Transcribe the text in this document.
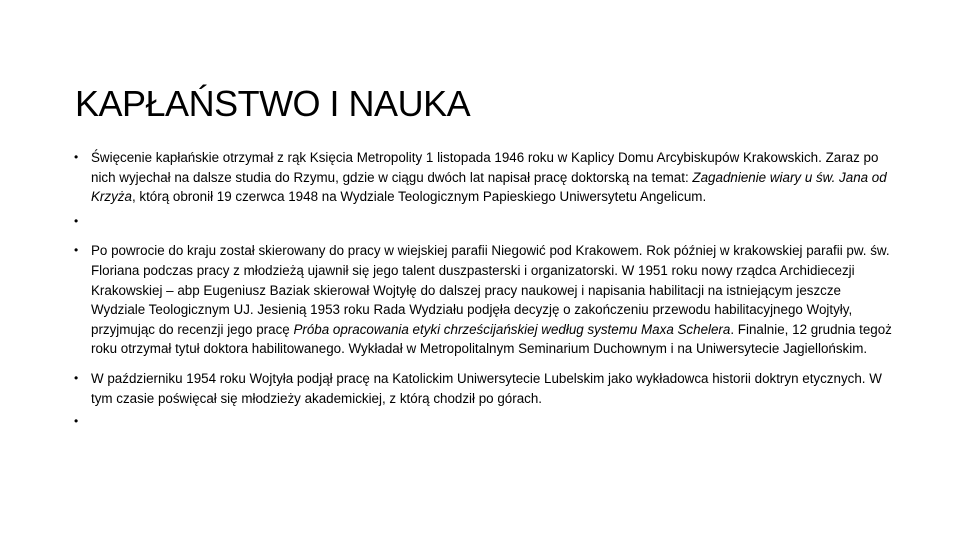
KAPŁAŃSTWO I NAUKA
• Święcenie kapłańskie otrzymał z rąk Księcia Metropolity 1 listopada 1946 roku w Kaplicy Domu Arcybiskupów Krakowskich. Zaraz po nich wyjechał na dalsze studia do Rzymu, gdzie w ciągu dwóch lat napisał pracę doktorską na temat: Zagadnienie wiary u św. Jana od Krzyża, którą obronił 19 czerwca 1948 na Wydziale Teologicznym Papieskiego Uniwersytetu Angelicum.
•
• Po powrocie do kraju został skierowany do pracy w wiejskiej parafii Niegowić pod Krakowem. Rok później w krakowskiej parafii pw. św. Floriana podczas pracy z młodzieżą ujawnił się jego talent duszpasterski i organizatorski. W 1951 roku nowy rządca Archidiecezji Krakowskiej – abp Eugeniusz Baziak skierował Wojtyłę do dalszej pracy naukowej i napisania habilitacji na istniejącym jeszcze Wydziale Teologicznym UJ. Jesienią 1953 roku Rada Wydziału podjęła decyzję o zakończeniu przewodu habilitacyjnego Wojtyły, przyjmując do recenzji jego pracę Próba opracowania etyki chrześcijańskiej według systemu Maxa Schelera. Finalnie, 12 grudnia tegoż roku otrzymał tytuł doktora habilitowanego. Wykładał w Metropolitalnym Seminarium Duchownym i na Uniwersytecie Jagiellońskim.
• W październiku 1954 roku Wojtyła podjął pracę na Katolickim Uniwersytecie Lubelskim jako wykładowca historii doktryn etycznych. W tym czasie poświęcał się młodzieży akademickiej, z którą chodził po górach.
•
